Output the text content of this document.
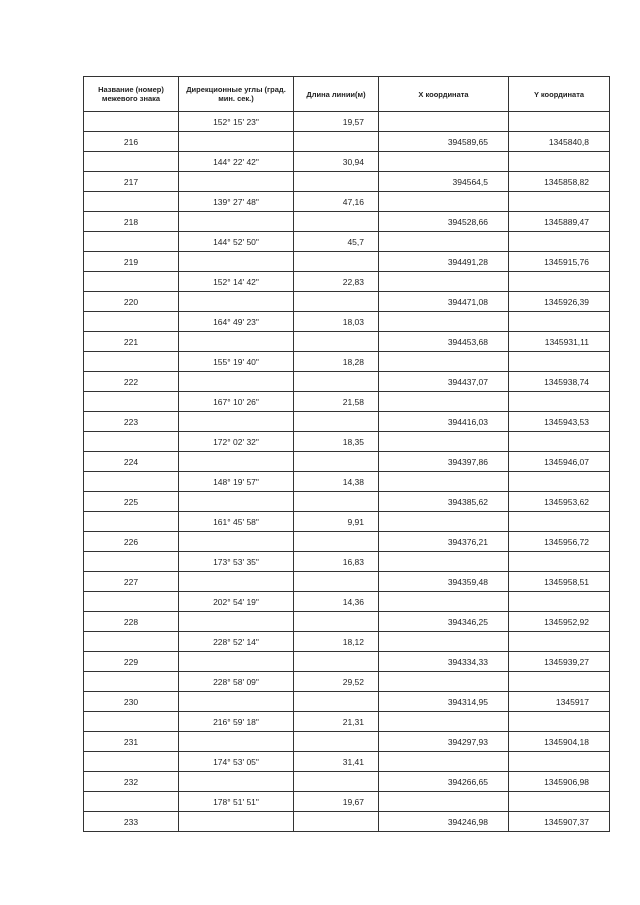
Название (номер) межевого знака	Дирекционные углы (град. мин. сек.)	Длина линии(м)	X координата	Y координата
	152° 15' 23"	19,57		
216			394589,65	1345840,8
	144° 22' 42"	30,94		
217			394564,5	1345858,82
	139° 27' 48"	47,16		
218			394528,66	1345889,47
	144° 52' 50"	45,7		
219			394491,28	1345915,76
	152° 14' 42"	22,83		
220			394471,08	1345926,39
	164° 49' 23"	18,03		
221			394453,68	1345931,11
	155° 19' 40"	18,28		
222			394437,07	1345938,74
	167° 10' 26"	21,58		
223			394416,03	1345943,53
	172° 02' 32"	18,35		
224			394397,86	1345946,07
	148° 19' 57"	14,38		
225			394385,62	1345953,62
	161° 45' 58"	9,91		
226			394376,21	1345956,72
	173° 53' 35"	16,83		
227			394359,48	1345958,51
	202° 54' 19"	14,36		
228			394346,25	1345952,92
	228° 52' 14"	18,12		
229			394334,33	1345939,27
	228° 58' 09"	29,52		
230			394314,95	1345917
	216° 59' 18"	21,31		
231			394297,93	1345904,18
	174° 53' 05"	31,41		
232			394266,65	1345906,98
	178° 51' 51"	19,67		
233			394246,98	1345907,37
